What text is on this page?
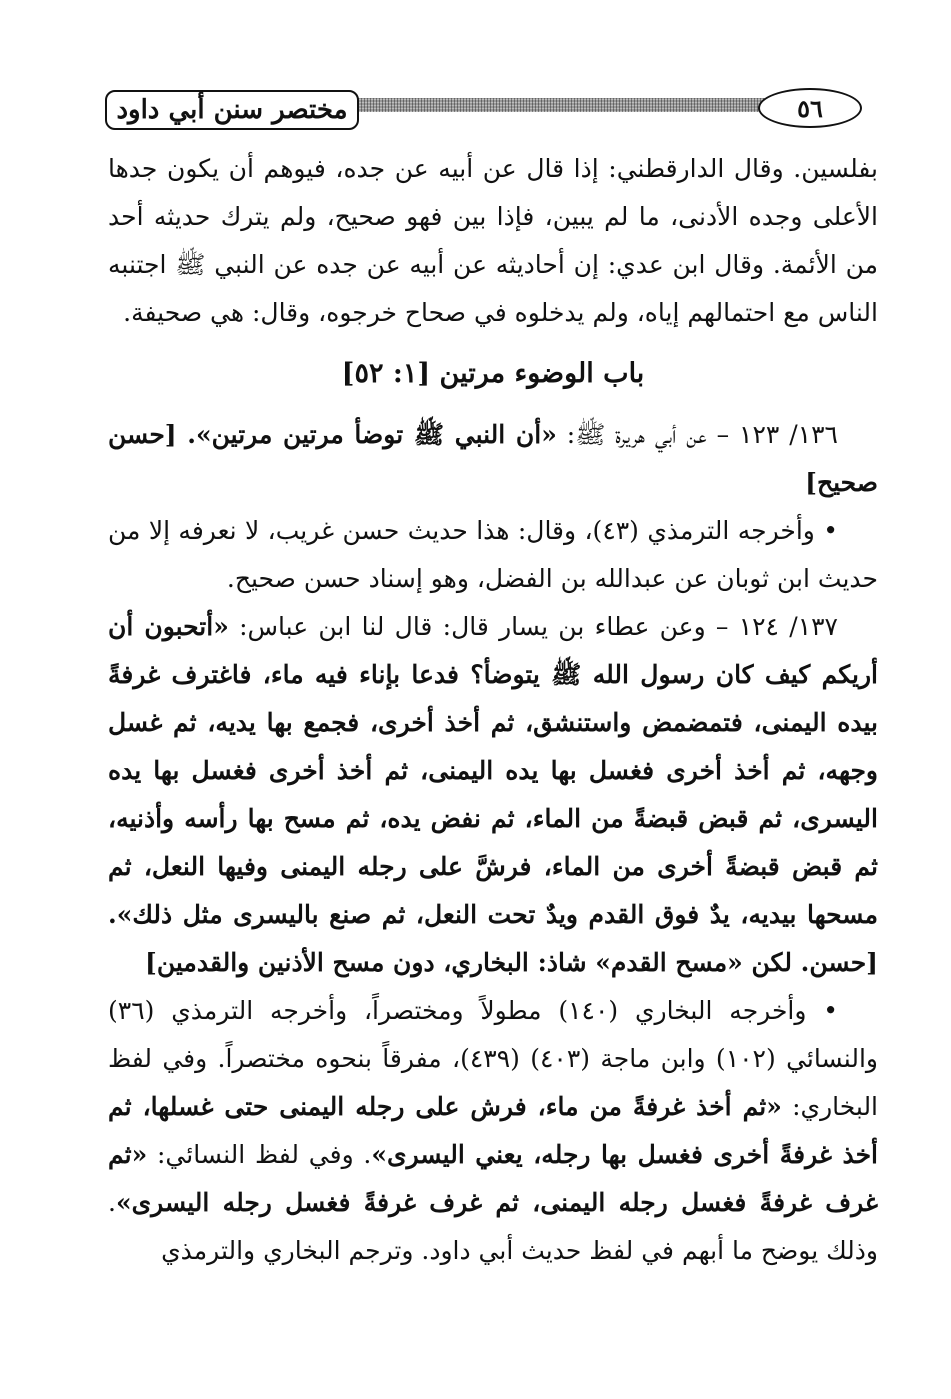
مختصر سنن أبي داود	٥٦

بفلسين. وقال الدارقطني: إذا قال عن أبيه عن جده، فيوهم أن يكون جدها الأعلى وجده الأدنى، ما لم يبين، فإذا بين فهو صحيح، ولم يترك حديثه أحد من الأئمة. وقال ابن عدي: إن أحاديثه عن أبيه عن جده عن النبي ﷺ اجتنبه الناس مع احتمالهم إياه، ولم يدخلوه في صحاح خرجوه، وقال: هي صحيفة.

باب الوضوء مرتين [١: ٥٢]

١٣٦/ ١٢٣ – عن أبي هريرة ﷺ: «أن النبي ﷺ توضأ مرتين مرتين». [حسن صحيح]

• وأخرجه الترمذي (٤٣)، وقال: هذا حديث حسن غريب، لا نعرفه إلا من حديث ابن ثوبان عن عبدالله بن الفضل، وهو إسناد حسن صحيح.

١٣٧/ ١٢٤ – وعن عطاء بن يسار قال: قال لنا ابن عباس: «أتحبون أن أريكم كيف كان رسول الله ﷺ يتوضأ؟ فدعا بإناء فيه ماء، فاغترف غرفةً بيده اليمنى، فتمضمض واستنشق، ثم أخذ أخرى، فجمع بها يديه، ثم غسل وجهه، ثم أخذ أخرى فغسل بها يده اليمنى، ثم أخذ أخرى فغسل بها يده اليسرى، ثم قبض قبضةً من الماء، ثم نفض يده، ثم مسح بها رأسه وأذنيه، ثم قبض قبضةً أخرى من الماء، فرشَّ على رجله اليمنى وفيها النعل، ثم مسحها بيديه، يدٌ فوق القدم ويدٌ تحت النعل، ثم صنع باليسرى مثل ذلك». [حسن. لكن «مسح القدم» شاذ: البخاري، دون مسح الأذنين والقدمين]

• وأخرجه البخاري (١٤٠) مطولاً ومختصراً، وأخرجه الترمذي (٣٦) والنسائي (١٠٢) وابن ماجة (٤٠٣) (٤٣٩)، مفرقاً بنحوه مختصراً. وفي لفظ البخاري: «ثم أخذ غرفةً من ماء، فرش على رجله اليمنى حتى غسلها، ثم أخذ غرفةً أخرى فغسل بها رجله، يعني اليسرى». وفي لفظ النسائي: «ثم غرف غرفةً فغسل رجله اليمنى، ثم غرف غرفةً فغسل رجله اليسرى». وذلك يوضح ما أبهم في لفظ حديث أبي داود. وترجم البخاري والترمذي
